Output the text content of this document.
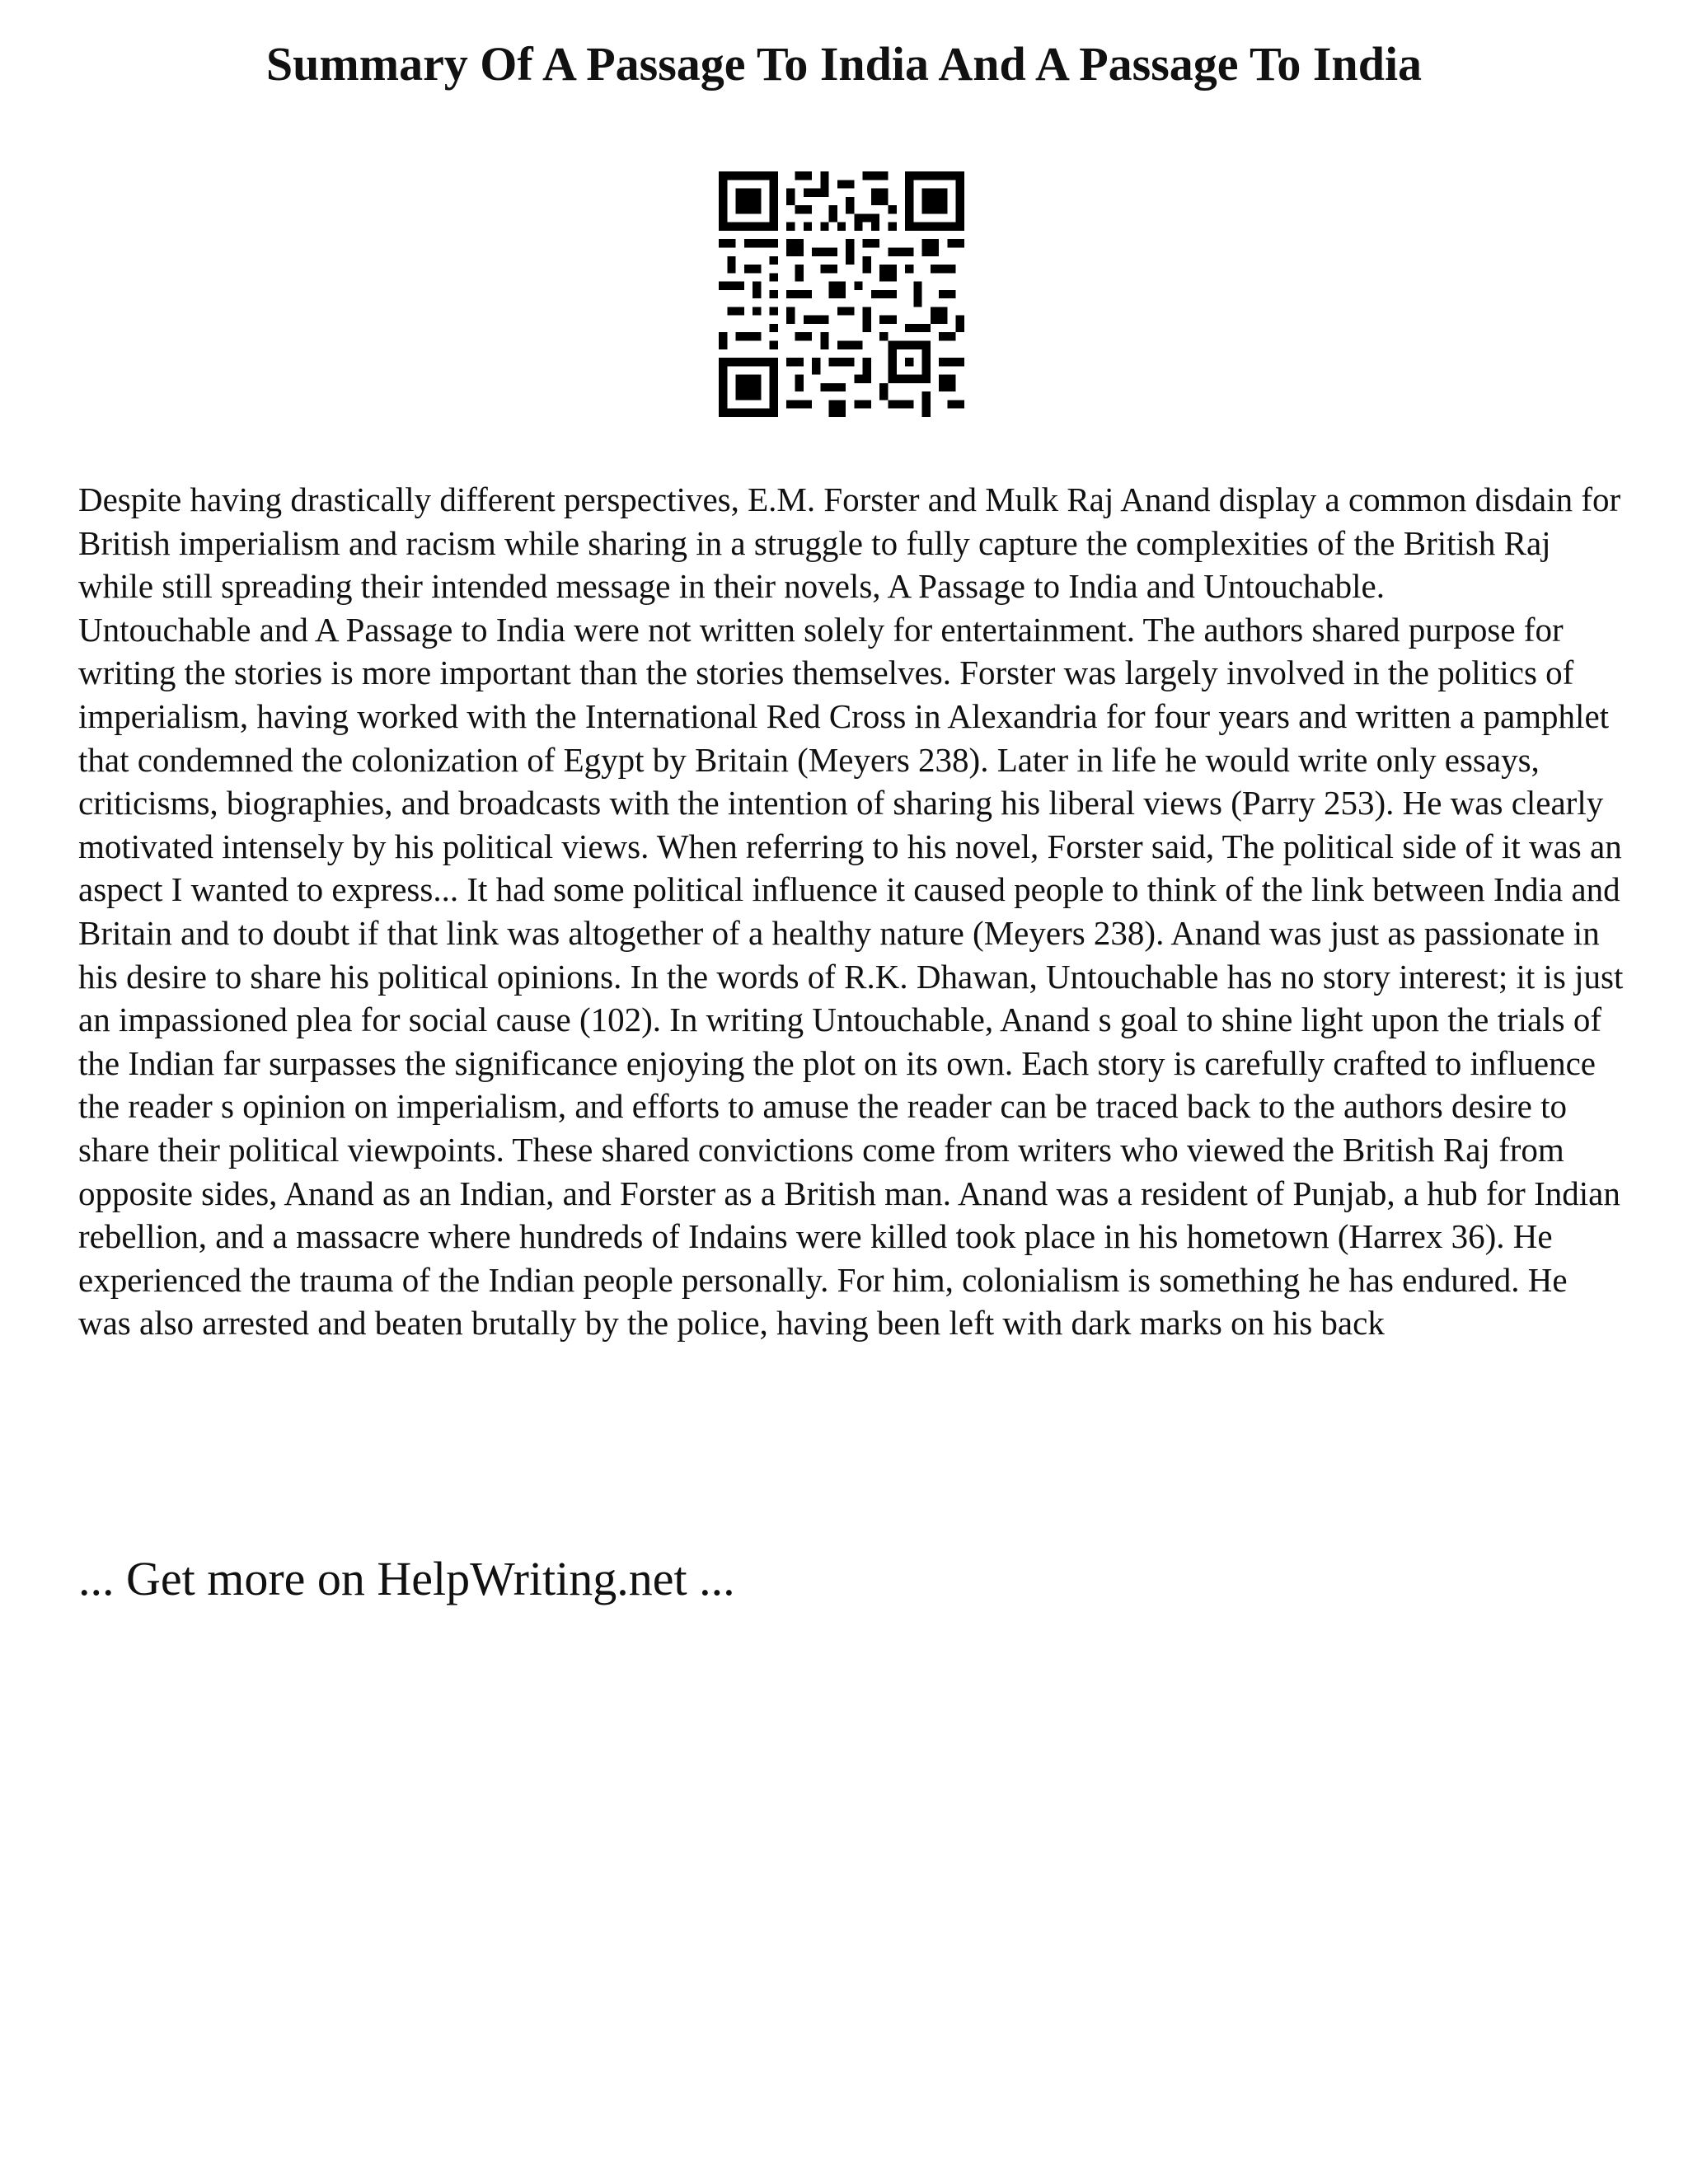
Summary Of A Passage To India And A Passage To India

Despite having drastically different perspectives, E.M. Forster and Mulk Raj Anand display a common disdain for British imperialism and racism while sharing in a struggle to fully capture the complexities of the British Raj while still spreading their intended message in their novels, A Passage to India and Untouchable.

Untouchable and A Passage to India were not written solely for entertainment. The authors shared purpose for writing the stories is more important than the stories themselves. Forster was largely involved in the politics of imperialism, having worked with the International Red Cross in Alexandria for four years and written a pamphlet that condemned the colonization of Egypt by Britain (Meyers 238). Later in life he would write only essays, criticisms, biographies, and broadcasts with the intention of sharing his liberal views (Parry 253). He was clearly motivated intensely by his political views. When referring to his novel, Forster said, The political side of it was an aspect I wanted to express... It had some political influence it caused people to think of the link between India and Britain and to doubt if that link was altogether of a healthy nature (Meyers 238). Anand was just as passionate in his desire to share his political opinions. In the words of R.K. Dhawan, Untouchable has no story interest; it is just an impassioned plea for social cause (102). In writing Untouchable, Anand s goal to shine light upon the trials of the Indian far surpasses the significance enjoying the plot on its own. Each story is carefully crafted to influence the reader s opinion on imperialism, and efforts to amuse the reader can be traced back to the authors desire to share their political viewpoints. These shared convictions come from writers who viewed the British Raj from opposite sides, Anand as an Indian, and Forster as a British man. Anand was a resident of Punjab, a hub for Indian rebellion, and a massacre where hundreds of Indains were killed took place in his hometown (Harrex 36). He experienced the trauma of the Indian people personally. For him, colonialism is something he has endured. He was also arrested and beaten brutally by the police, having been left with dark marks on his back

... Get more on HelpWriting.net ...
